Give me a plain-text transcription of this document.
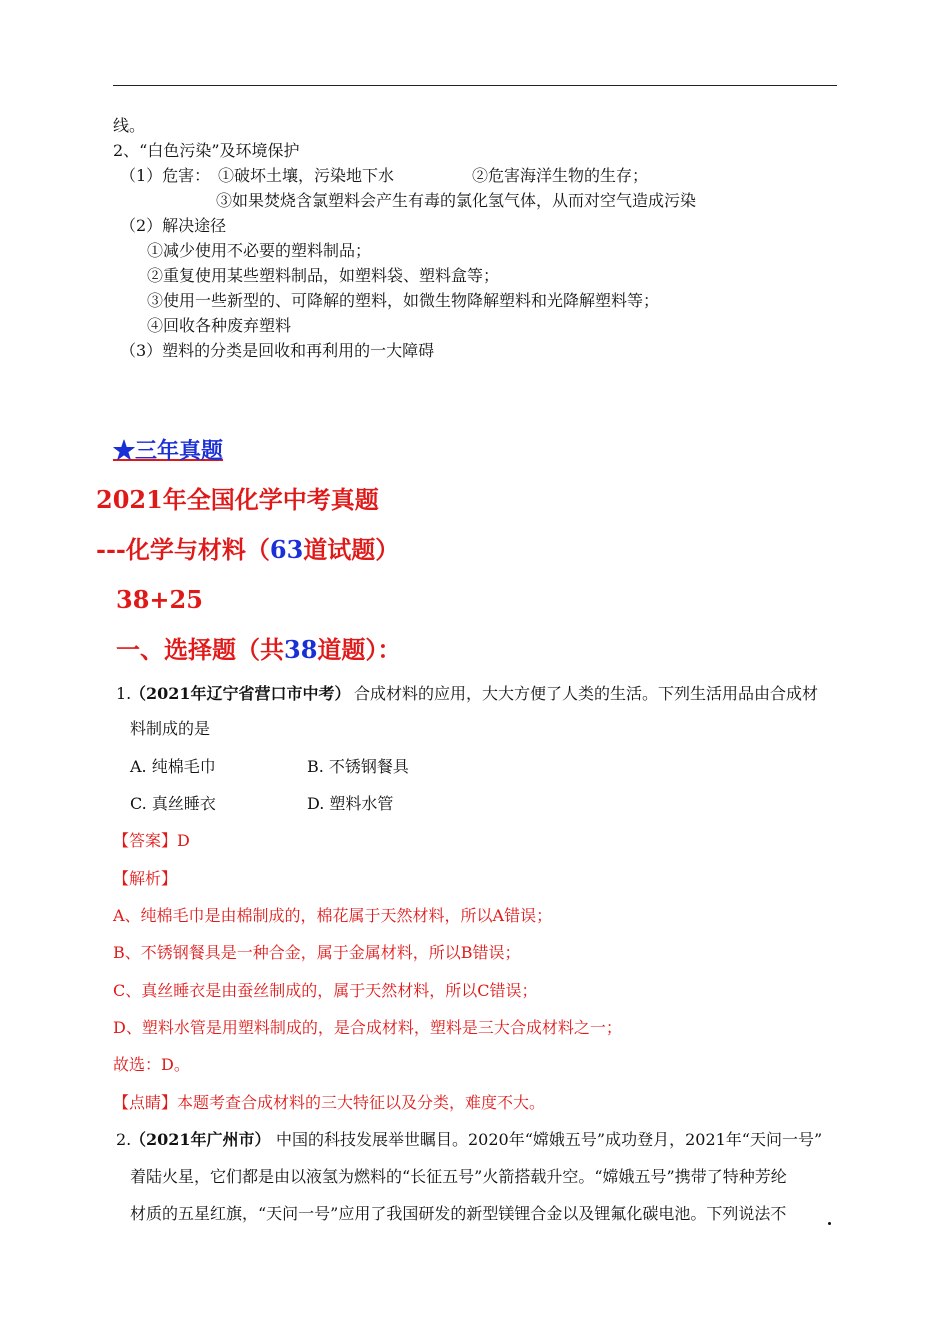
线。
2、“白色污染”及环境保护
（1）危害： ①破坏土壤，污染地下水	②危害海洋生物的生存；
③如果焚烧含氯塑料会产生有毒的氯化氢气体，从而对空气造成污染
（2）解决途径
①减少使用不必要的塑料制品；
②重复使用某些塑料制品，如塑料袋、塑料盒等；
③使用一些新型的、可降解的塑料，如微生物降解塑料和光降解塑料等；
④回收各种废弃塑料
（3）塑料的分类是回收和再利用的一大障碍
★三年真题
2021年全国化学中考真题
---化学与材料（63道试题）
38+25
一、选择题（共38道题）：
1.
（2021年辽宁省营口市中考） 合成材料的应用，大大方便了人类的生活。下列生活用品由合成材
料制成的是
A. 纯棉毛巾	B. 不锈钢餐具
C. 真丝睡衣	D. 塑料水管
【答案】D
【解析】
A、纯棉毛巾是由棉制成的，棉花属于天然材料，所以A错误；
B、不锈钢餐具是一种合金，属于金属材料，所以B错误；
C、真丝睡衣是由蚕丝制成的，属于天然材料，所以C错误；
D、塑料水管是用塑料制成的，是合成材料，塑料是三大合成材料之一；
故选：D。
【点睛】本题考查合成材料的三大特征以及分类，难度不大。
2.
（2021年广州市） 中国的科技发展举世瞩目。2020年“嫦娥五号”成功登月，2021年“天问一号”
着陆火星，它们都是由以液氢为燃料的“长征五号”火箭搭载升空。“嫦娥五号”携带了特种芳纶
材质的五星红旗，“天问一号”应用了我国研发的新型镁锂合金以及锂氟化碳电池。下列说法不
